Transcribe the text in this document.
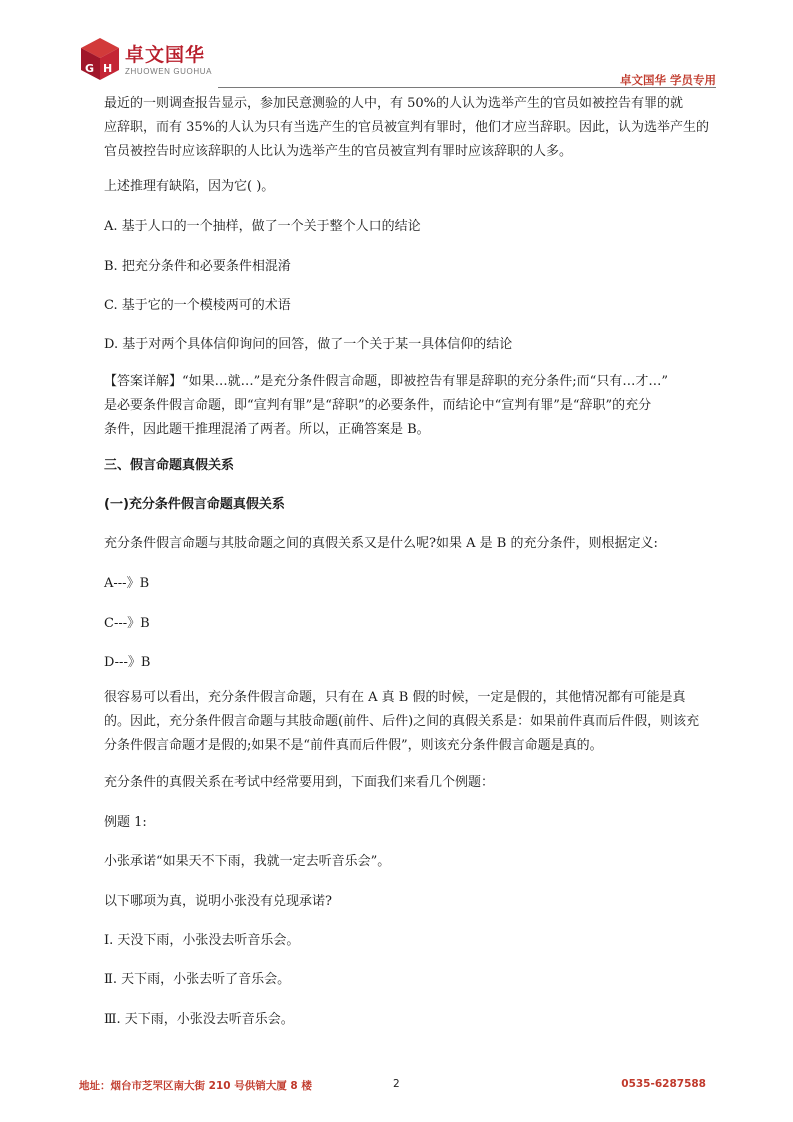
G H
卓文国华
ZHUOWEN GUOHUA
卓文国华 学员专用
最近的一则调查报告显示，参加民意测验的人中，有 50%的人认为选举产生的官员如被控告有罪的就
应辞职，而有 35%的人认为只有当选产生的官员被宣判有罪时，他们才应当辞职。因此，认为选举产生的
官员被控告时应该辞职的人比认为选举产生的官员被宣判有罪时应该辞职的人多。
上述推理有缺陷，因为它( )。
A. 基于人口的一个抽样，做了一个关于整个人口的结论
B. 把充分条件和必要条件相混淆
C. 基于它的一个模棱两可的术语
D. 基于对两个具体信仰询问的回答，做了一个关于某一具体信仰的结论
【答案详解】“如果…就…”是充分条件假言命题，即被控告有罪是辞职的充分条件;而“只有…才…”
是必要条件假言命题，即“宣判有罪”是“辞职”的必要条件，而结论中“宣判有罪”是“辞职”的充分
条件，因此题干推理混淆了两者。所以，正确答案是 B。
三、假言命题真假关系
(一)充分条件假言命题真假关系
充分条件假言命题与其肢命题之间的真假关系又是什么呢?如果 A 是 B 的充分条件，则根据定义:
A---》B
C---》B
D---》B
很容易可以看出，充分条件假言命题，只有在 A 真 B 假的时候，一定是假的，其他情况都有可能是真
的。因此，充分条件假言命题与其肢命题(前件、后件)之间的真假关系是：如果前件真而后件假，则该充
分条件假言命题才是假的;如果不是“前件真而后件假”，则该充分条件假言命题是真的。
充分条件的真假关系在考试中经常要用到，下面我们来看几个例题：
例题 1:
小张承诺“如果天不下雨，我就一定去听音乐会”。
以下哪项为真，说明小张没有兑现承诺?
Ⅰ. 天没下雨，小张没去听音乐会。
Ⅱ. 天下雨，小张去听了音乐会。
Ⅲ. 天下雨，小张没去听音乐会。
地址：烟台市芝罘区南大街 210 号供销大厦 8 楼	2	0535-6287588
